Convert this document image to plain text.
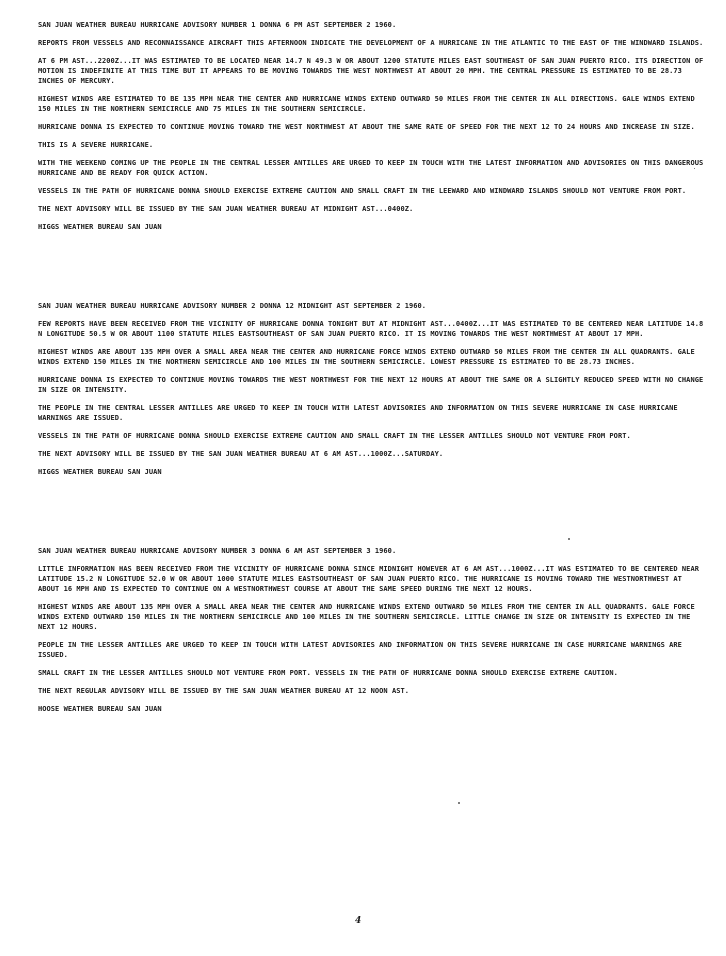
SAN JUAN WEATHER BUREAU HURRICANE ADVISORY NUMBER 1 DONNA 6 PM AST SEPTEMBER 2 1960.

REPORTS FROM VESSELS AND RECONNAISSANCE AIRCRAFT THIS AFTERNOON INDICATE THE DEVELOPMENT OF A HURRICANE IN THE ATLANTIC TO THE EAST OF THE WINDWARD ISLANDS.

AT 6 PM AST...2200Z...IT WAS ESTIMATED TO BE LOCATED NEAR 14.7 N 49.3 W OR ABOUT 1200 STATUTE MILES EAST SOUTHEAST OF SAN JUAN PUERTO RICO. ITS DIRECTION OF MOTION IS INDEFINITE AT THIS TIME BUT IT APPEARS TO BE MOVING TOWARDS THE WEST NORTHWEST AT ABOUT 20 MPH. THE CENTRAL PRESSURE IS ESTIMATED TO BE 28.73 INCHES OF MERCURY.

HIGHEST WINDS ARE ESTIMATED TO BE 135 MPH NEAR THE CENTER AND HURRICANE WINDS EXTEND OUTWARD 50 MILES FROM THE CENTER IN ALL DIRECTIONS. GALE WINDS EXTEND 150 MILES IN THE NORTHERN SEMICIRCLE AND 75 MILES IN THE SOUTHERN SEMICIRCLE.

HURRICANE DONNA IS EXPECTED TO CONTINUE MOVING TOWARD THE WEST NORTHWEST AT ABOUT THE SAME RATE OF SPEED FOR THE NEXT 12 TO 24 HOURS AND INCREASE IN SIZE.

THIS IS A SEVERE HURRICANE.

WITH THE WEEKEND COMING UP THE PEOPLE IN THE CENTRAL LESSER ANTILLES ARE URGED TO KEEP IN TOUCH WITH THE LATEST INFORMATION AND ADVISORIES ON THIS DANGEROUS HURRICANE AND BE READY FOR QUICK ACTION.

VESSELS IN THE PATH OF HURRICANE DONNA SHOULD EXERCISE EXTREME CAUTION AND SMALL CRAFT IN THE LEEWARD AND WINDWARD ISLANDS SHOULD NOT VENTURE FROM PORT.

THE NEXT ADVISORY WILL BE ISSUED BY THE SAN JUAN WEATHER BUREAU AT MIDNIGHT AST...0400Z.

HIGGS WEATHER BUREAU SAN JUAN

SAN JUAN WEATHER BUREAU HURRICANE ADVISORY NUMBER 2 DONNA 12 MIDNIGHT AST SEPTEMBER 2 1960.

FEW REPORTS HAVE BEEN RECEIVED FROM THE VICINITY OF HURRICANE DONNA TONIGHT BUT AT MIDNIGHT AST...0400Z...IT WAS ESTIMATED TO BE CENTERED NEAR LATITUDE 14.8 N LONGITUDE 50.5 W OR ABOUT 1100 STATUTE MILES EASTSOUTHEAST OF SAN JUAN PUERTO RICO. IT IS MOVING TOWARDS THE WEST NORTHWEST AT ABOUT 17 MPH.

HIGHEST WINDS ARE ABOUT 135 MPH OVER A SMALL AREA NEAR THE CENTER AND HURRICANE FORCE WINDS EXTEND OUTWARD 50 MILES FROM THE CENTER IN ALL QUADRANTS. GALE WINDS EXTEND 150 MILES IN THE NORTHERN SEMICIRCLE AND 100 MILES IN THE SOUTHERN SEMICIRCLE. LOWEST PRESSURE IS ESTIMATED TO BE 28.73 INCHES.

HURRICANE DONNA IS EXPECTED TO CONTINUE MOVING TOWARDS THE WEST NORTHWEST FOR THE NEXT 12 HOURS AT ABOUT THE SAME OR A SLIGHTLY REDUCED SPEED WITH NO CHANGE IN SIZE OR INTENSITY.

THE PEOPLE IN THE CENTRAL LESSER ANTILLES ARE URGED TO KEEP IN TOUCH WITH LATEST ADVISORIES AND INFORMATION ON THIS SEVERE HURRICANE IN CASE HURRICANE WARNINGS ARE ISSUED.

VESSELS IN THE PATH OF HURRICANE DONNA SHOULD EXERCISE EXTREME CAUTION AND SMALL CRAFT IN THE LESSER ANTILLES SHOULD NOT VENTURE FROM PORT.

THE NEXT ADVISORY WILL BE ISSUED BY THE SAN JUAN WEATHER BUREAU AT 6 AM AST...1000Z...SATURDAY.

HIGGS WEATHER BUREAU SAN JUAN

SAN JUAN WEATHER BUREAU HURRICANE ADVISORY NUMBER 3 DONNA 6 AM AST SEPTEMBER 3 1960.

LITTLE INFORMATION HAS BEEN RECEIVED FROM THE VICINITY OF HURRICANE DONNA SINCE MIDNIGHT HOWEVER AT 6 AM AST...1000Z...IT WAS ESTIMATED TO BE CENTERED NEAR LATITUDE 15.2 N LONGITUDE 52.0 W OR ABOUT 1000 STATUTE MILES EASTSOUTHEAST OF SAN JUAN PUERTO RICO. THE HURRICANE IS MOVING TOWARD THE WESTNORTHWEST AT ABOUT 16 MPH AND IS EXPECTED TO CONTINUE ON A WESTNORTHWEST COURSE AT ABOUT THE SAME SPEED DURING THE NEXT 12 HOURS.

HIGHEST WINDS ARE ABOUT 135 MPH OVER A SMALL AREA NEAR THE CENTER AND HURRICANE WINDS EXTEND OUTWARD 50 MILES FROM THE CENTER IN ALL QUADRANTS. GALE FORCE WINDS EXTEND OUTWARD 150 MILES IN THE NORTHERN SEMICIRCLE AND 100 MILES IN THE SOUTHERN SEMICIRCLE. LITTLE CHANGE IN SIZE OR INTENSITY IS EXPECTED IN THE NEXT 12 HOURS.

PEOPLE IN THE LESSER ANTILLES ARE URGED TO KEEP IN TOUCH WITH LATEST ADVISORIES AND INFORMATION ON THIS SEVERE HURRICANE IN CASE HURRICANE WARNINGS ARE ISSUED.

SMALL CRAFT IN THE LESSER ANTILLES SHOULD NOT VENTURE FROM PORT. VESSELS IN THE PATH OF HURRICANE DONNA SHOULD EXERCISE EXTREME CAUTION.

THE NEXT REGULAR ADVISORY WILL BE ISSUED BY THE SAN JUAN WEATHER BUREAU AT 12 NOON AST.

HOOSE WEATHER BUREAU SAN JUAN

4
